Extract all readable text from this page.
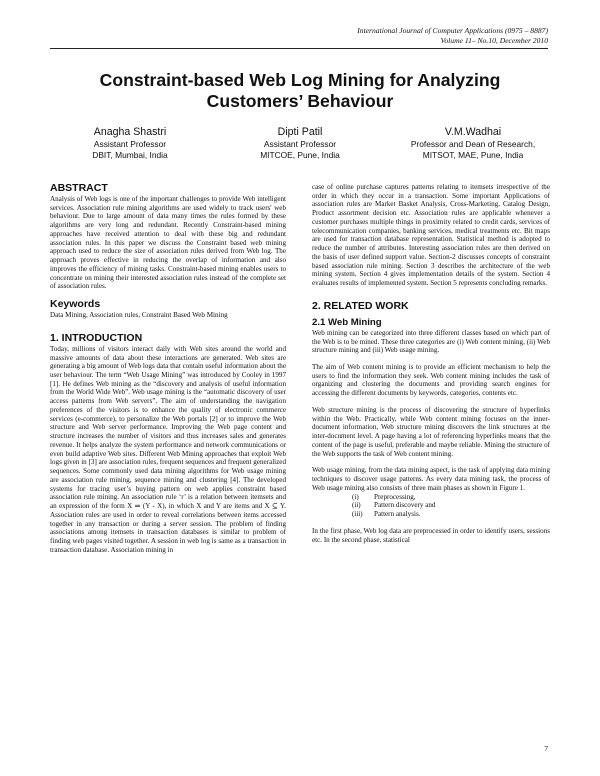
International Journal of Computer Applications (0975 – 8887)
Volume 11– No.10, December 2010
Constraint-based Web Log Mining for Analyzing
Customers’ Behaviour
Anagha Shastri
Assistant Professor
DBIT, Mumbai, India
Dipti Patil
Assistant Professor
MITCOE, Pune, India
V.M.Wadhai
Professor and Dean of Research,
MITSOT, MAE, Pune, India
ABSTRACT

Analysis of Web logs is one of the important challenges to provide Web intelligent services. Association rule mining algorithms are used widely to track users' web behaviour. Due to large amount of data many times the rules formed by these algorithms are very long and redundant. Recently Constraint-based mining approaches have received attention to deal with these big and redundant association rules. In this paper we discuss the Constraint based web mining approach used to reduce the size of association rules derived from Web log. The approach proves effective in reducing the overlap of information and also improves the efficiency of mining tasks. Constraint-based mining enables users to concentrate on mining their interested association rules instead of the complete set of association rules.

Keywords

Data Mining, Association rules, Constraint Based Web Mining

1. INTRODUCTION

Today, millions of visitors interact daily with Web sites around the world and massive amounts of data about these interactions are generated. Web sites are generating a big amount of Web logs data that contain useful information about the user behaviour. The term “Web Usage Mining” was introduced by Cooley in 1997 [1]. He defines Web mining as the “discovery and analysis of useful information from the World Wide Web”. Web usage mining is the “automatic discovery of user access patterns from Web servers”. The aim of understanding the navigation preferences of the visitors is to enhance the quality of electronic commerce services (e-commerce), to personalize the Web portals [2] or to improve the Web structure and Web server performance. Improving the Web page content and structure increases the number of visitors and thus increases sales and generates revenue. It helps analyze the system performance and network communications or even build adaptive Web sites. Different Web Mining approaches that exploit Web logs given in [3] are association rules, frequent sequences and frequent generalized sequences. Some commonly used data mining algorithms for Web usage mining are association rule mining, sequence mining and clustering [4]. The developed systems for tracing user’s buying pattern on web applies constraint based association rule mining. An association rule ‘r’ is a relation between itemsets and an expression of the form X ⇒ (Y - X), in which X and Y are items and X ⊆ Y. Association rules are used in order to reveal correlations between items accessed together in any transaction or during a server session. The problem of finding associations among itemsets in transaction databases is similar to problem of finding web pages visited together. A session in web log is same as a transaction in transaction database. Association mining in

case of online purchase captures patterns relating to itemsets irrespective of the order in which they occur in a transaction. Some important Applications of association rules are Market Basket Analysis, Cross-Marketing, Catalog Design, Product assortment decision etc. Association rules are applicable whenever a customer purchases multiple things in proximity related to credit cards, services of telecommunication companies, banking services, medical treatments etc. Bit maps are used for transaction database representation. Statistical method is adopted to reduce the number of attributes. Interesting association rules are then derived on the basis of user defined support value. Section-2 discusses concepts of constraint based association rule mining. Section 3 describes the architecture of the web mining system. Section 4 gives implementation details of the system. Section 4 evaluates results of implemented system. Section 5 represents concluding remarks.

2. RELATED WORK
2.1 Web Mining

Web mining can be categorized into three different classes based on which part of the Web is to be mined. These three categories are (i) Web content mining, (ii) Web structure mining and (iii) Web usage mining.

The aim of Web content mining is to provide an efficient mechanism to help the users to find the information they seek. Web content mining includes the task of organizing and clustering the documents and providing search engines for accessing the different documents by keywords, categories, contents etc.

Web structure mining is the process of discovering the structure of hyperlinks within the Web. Practically, while Web content mining focuses on the inner-document information, Web structure mining discovers the link structures at the inter-document level. A page having a lot of referencing hyperlinks means that the content of the page is useful, preferable and maybe reliable. Mining the structure of the Web supports the task of Web content mining.

Web usage mining, from the data mining aspect, is the task of applying data mining techniques to discover usage patterns. As every data mining task, the process of Web usage mining also consists of three main phases as shown in Figure 1.

(i) Preprocessing,
(ii) Pattern discovery and
(iii) Pattern analysis.

In the first phase, Web log data are preprocessed in order to identify users, sessions etc. In the second phase, statistical

7
